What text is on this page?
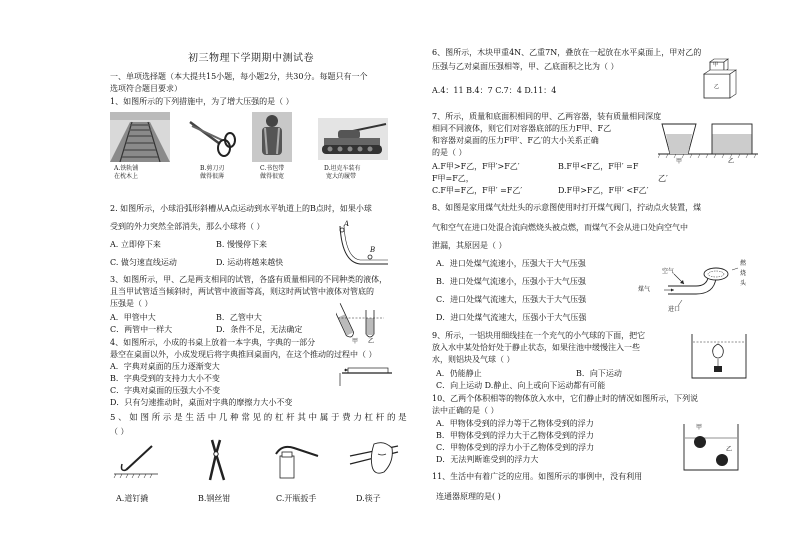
初三物理下学期期中测试卷
一、单项选择题（本大提共15小题，每小题2分，共30分。每题只有一个
选项符合题目要求）
1、如图所示的下列措施中，为了增大压强的是（ ）
A.铁轨铺
在枕木上
B.剪刀刃
做得很薄
C.书包带
做得很宽
D.坦克车装有
宽大的履带
2. 如图所示，小球沿弧形斜槽从A点运动到水平轨道上的B点时，如果小球
受到的外力突然全部消失，那么小球将（ ）
A. 立即停下来	B. 慢慢停下来
C. 做匀速直线运动	D. 运动将越来越快
A
B
3、如图所示，甲、乙是两支相同的试管，各盛有质量相同的不同种类的液体，
且当甲试管适当倾斜时，两试管中液面等高，则这时两试管中液体对管底的
压强是（ ）
A．甲管中大	B．乙管中大
C．两管中一样大	D．条件不足，无法确定
甲 乙
4、如图所示，小成的书桌上放着一本字典，字典的一部分
悬空在桌面以外，小成发现后将字典推回桌面内，在这个推动的过程中（ ）
A．字典对桌面的压力逐渐变大
B．字典受到的支持力大小不变
C．字典对桌面的压强大小不变
D．只有匀速推动时，桌面对字典的摩擦力大小不变
5 、 如 图 所 示 是 生 活 中 几 种 常 见 的 杠 杆 其 中 属 于 费 力 杠 杆 的 是
（ ）
A.道钉撬	B.钢丝钳	C.开瓶扳手	D.筷子
6、图所示，木块甲重4N、乙重7N，叠放在一起放在水平桌面上，甲对乙的
压强与乙对桌面压强相等，甲、乙底面积之比为（ ）
A.4：11 B.4：7 C.7：4 D.11：4
甲
乙
7、所示，质量和底面积相同的甲、乙两容器，装有质量相同深度
相同不同液体，则它们对容器底部的压力F甲、F乙
和容器对桌面的压力F甲′、F乙′的大小关系正确
的是（ ）
A.F甲>F乙，F甲′>F乙′	B.F甲<F乙，F甲′ =F
F甲=F乙，	乙′
C.F甲=F乙，F甲′ =F乙′	D.F甲>F乙，F甲′ <F乙′
甲	乙
8、如图是家用煤气灶灶头的示意图使用时打开煤气阀门，拧动点火装置，煤
气和空气在进口处混合流向燃烧头被点燃，而煤气不会从进口处向空气中
泄漏，其原因是（ ）
A．进口处煤气流速小，压强大于大气压强
B．进口处煤气流速小，压强小于大气压强
C．进口处煤气流速大，压强大于大气压强
D．进口处煤气流速大，压强小于大气压强
空气
煤气
进口
燃
烧
头
9、所示，一铝块用细线挂在一个充气的小气球的下面，把它
放入水中某处恰好处于静止状态，如果往池中缓慢注入一些
水，则铝块及气球（ ）
A．仍能静止	B．向下运动
C．向上运动 D.静止、向上或向下运动都有可能
10、乙两个体积相等的物体放入水中，它们静止时的情况如图所示，下列说
法中正确的是（ ）
A．甲物体受到的浮力等于乙物体受到的浮力
B．甲物体受到的浮力大于乙物体受到的浮力
C．甲物体受到的浮力小于乙物体受到的浮力
D．无法判断谁受到的浮力大
甲
乙
11、生活中有着广泛的应用。如图所示的事例中，没有利用
连通器原理的是( )
